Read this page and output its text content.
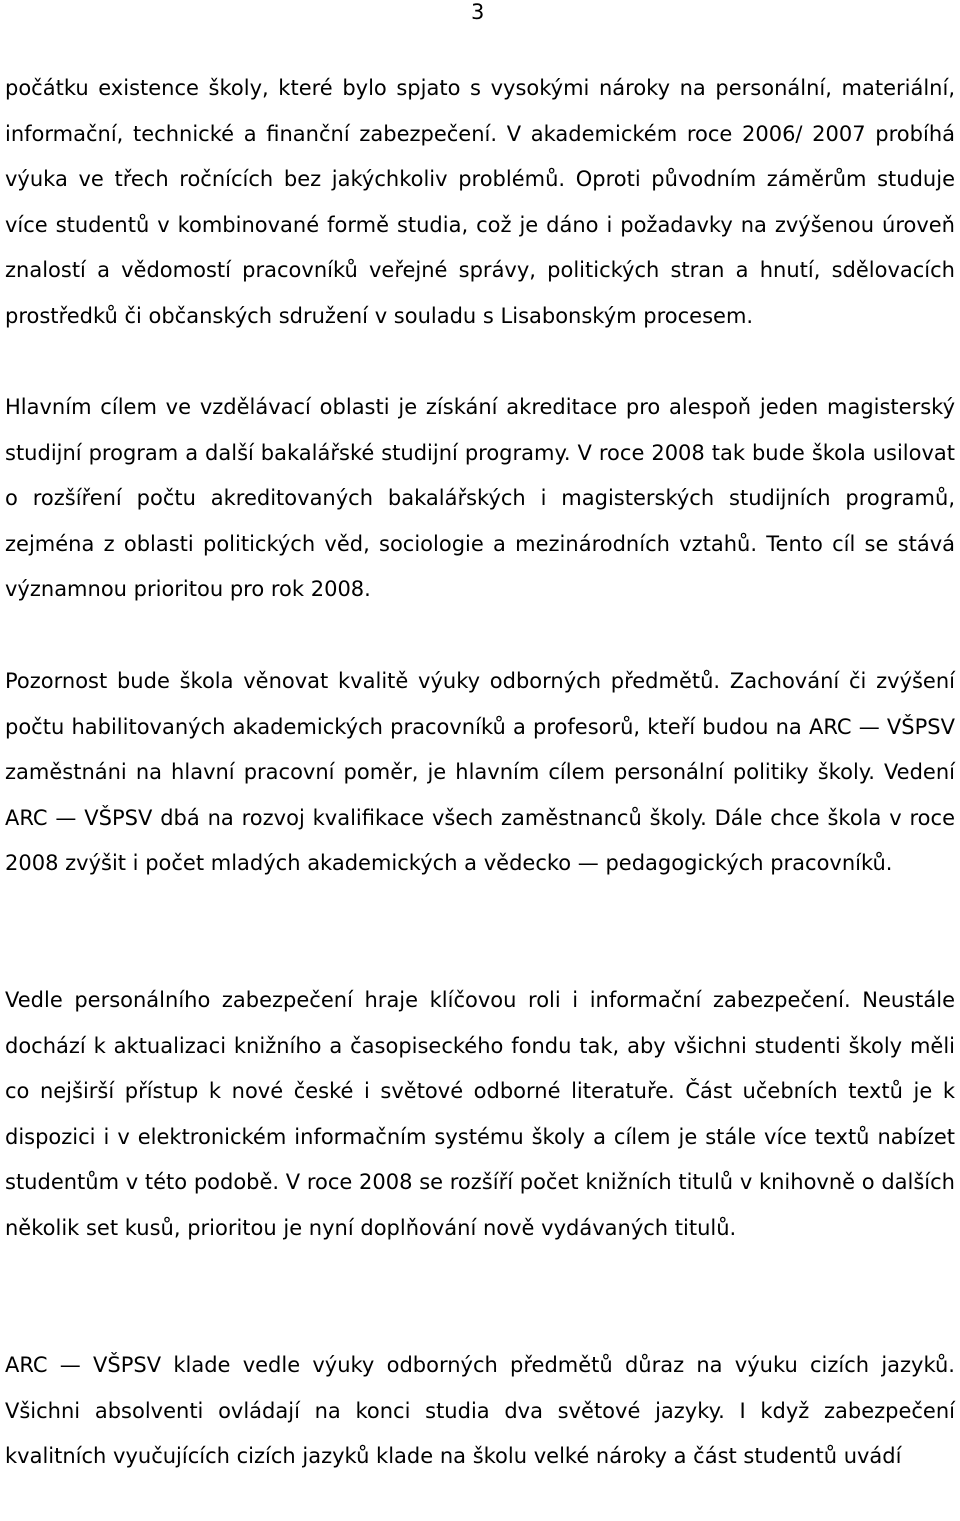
3

počátku existence školy, které bylo spjato s vysokými nároky na personální, materiální, informační, technické a finanční zabezpečení. V akademickém roce 2006/ 2007 probíhá výuka ve třech ročnících bez jakýchkoliv problémů. Oproti původním záměrům studuje více studentů v kombinované formě studia, což je dáno i požadavky na zvýšenou úroveň znalostí a vědomostí pracovníků veřejné správy, politických stran a hnutí, sdělovacích prostředků či občanských sdružení v souladu s Lisabonským procesem.

Hlavním cílem ve vzdělávací oblasti je získání akreditace pro alespoň jeden magisterský studijní program a další bakalářské studijní programy. V roce 2008 tak bude škola usilovat o rozšíření počtu akreditovaných bakalářských i magisterských studijních programů, zejména z oblasti politických věd, sociologie a mezinárodních vztahů. Tento cíl se stává významnou prioritou pro rok 2008.

Pozornost bude škola věnovat kvalitě výuky odborných předmětů. Zachování či zvýšení počtu habilitovaných akademických pracovníků a profesorů, kteří budou na ARC — VŠPSV zaměstnáni na hlavní pracovní poměr, je hlavním cílem personální politiky školy. Vedení ARC — VŠPSV dbá na rozvoj kvalifikace všech zaměstnanců školy. Dále chce škola v roce 2008 zvýšit i počet mladých akademických a vědecko — pedagogických pracovníků.

Vedle personálního zabezpečení hraje klíčovou roli i informační zabezpečení. Neustále dochází k aktualizaci knižního a časopiseckého fondu tak, aby všichni studenti školy měli co nejširší přístup k nové české i světové odborné literatuře. Část učebních textů je k dispozici i v elektronickém informačním systému školy a cílem je stále více textů nabízet studentům v této podobě. V roce 2008 se rozšíří počet knižních titulů v knihovně o dalších několik set kusů, prioritou je nyní doplňování nově vydávaných titulů.

ARC — VŠPSV klade vedle výuky odborných předmětů důraz na výuku cizích jazyků. Všichni absolventi ovládají na konci studia dva světové jazyky. I když zabezpečení kvalitních vyučujících cizích jazyků klade na školu velké nároky a část studentů uvádí
